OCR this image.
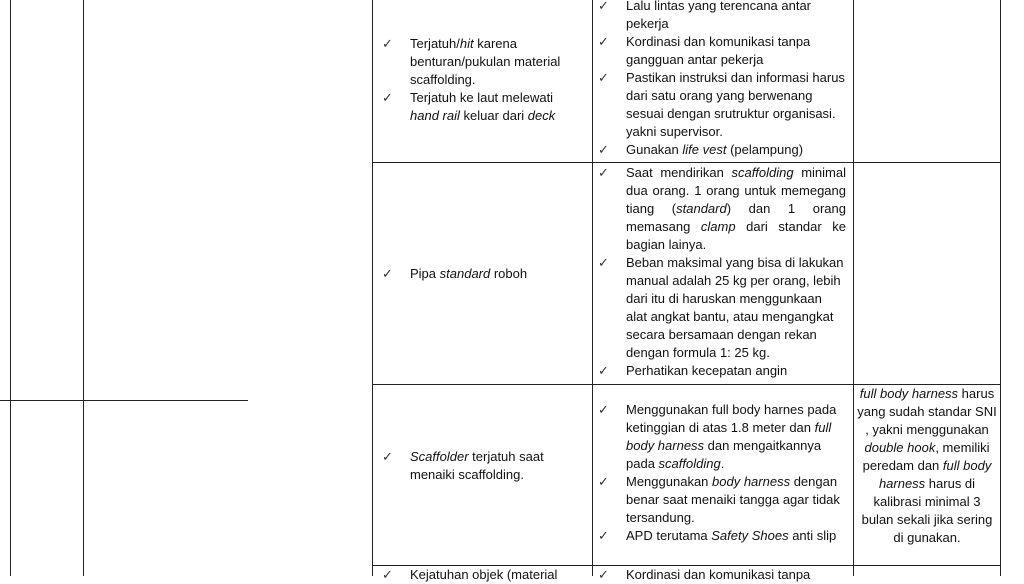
✓ Terjatuh/hit karena benturan/pukulan material scaffolding.
✓ Terjatuh ke laut melewati hand rail keluar dari deck
✓ Lalu lintas yang terencana antar pekerja
✓ Kordinasi dan komunikasi tanpa gangguan antar pekerja
✓ Pastikan instruksi dan informasi harus dari satu orang yang berwenang sesuai dengan srutruktur organisasi. yakni supervisor.
✓ Gunakan life vest (pelampung)
✓ Pipa standard roboh
✓ Saat mendirikan scaffolding minimal dua orang. 1 orang untuk memegang tiang (standard) dan 1 orang memasang clamp dari standar ke bagian lainya.
✓ Beban maksimal yang bisa di lakukan manual adalah 25 kg per orang, lebih dari itu di haruskan menggunkaan alat angkat bantu, atau mengangkat secara bersamaan dengan rekan dengan formula 1: 25 kg.
✓ Perhatikan kecepatan angin
✓ Scaffolder terjatuh saat menaiki scaffolding.
✓ Menggunakan full body harnes pada ketinggian di atas 1.8 meter dan full body harness dan mengaitkannya pada scaffolding.
✓ Menggunakan body harness dengan benar saat menaiki tangga agar tidak tersandung.
✓ APD terutama Safety Shoes anti slip
full body harness harus yang sudah standar SNI , yakni menggunakan double hook, memiliki peredam dan full body harness harus di kalibrasi minimal 3 bulan sekali jika sering di gunakan.
✓ Kejatuhan objek (material	✓ Kordinasi dan komunikasi tanpa
